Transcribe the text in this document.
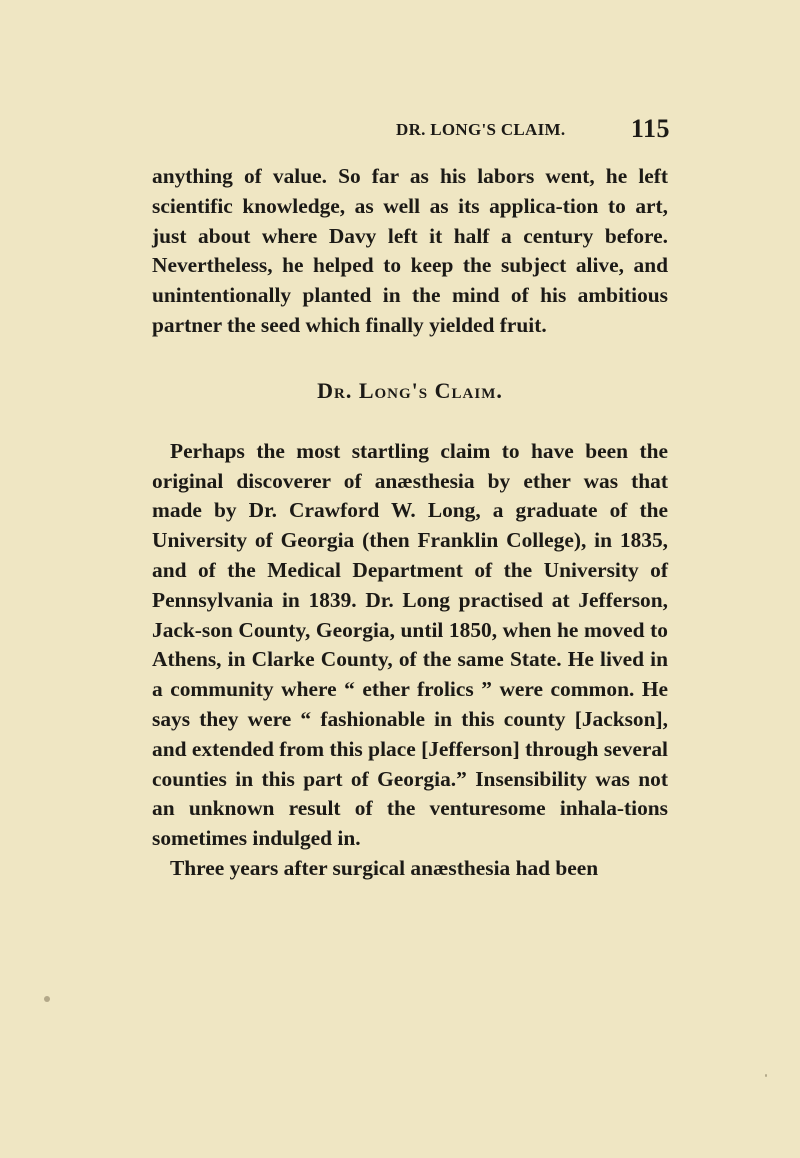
DR. LONG'S CLAIM.	115

anything of value. So far as his labors went, he left scientific knowledge, as well as its applica-tion to art, just about where Davy left it half a century before. Nevertheless, he helped to keep the subject alive, and unintentionally planted in the mind of his ambitious partner the seed which finally yielded fruit.

Dr. Long's Claim.

Perhaps the most startling claim to have been the original discoverer of anæsthesia by ether was that made by Dr. Crawford W. Long, a graduate of the University of Georgia (then Franklin College), in 1835, and of the Medical Department of the University of Pennsylvania in 1839. Dr. Long practised at Jefferson, Jack-son County, Georgia, until 1850, when he moved to Athens, in Clarke County, of the same State. He lived in a community where “ ether frolics ” were common. He says they were “ fashionable in this county [Jackson], and extended from this place [Jefferson] through several counties in this part of Georgia.” Insensibility was not an unknown result of the venturesome inhala-tions sometimes indulged in.

Three years after surgical anæsthesia had been
